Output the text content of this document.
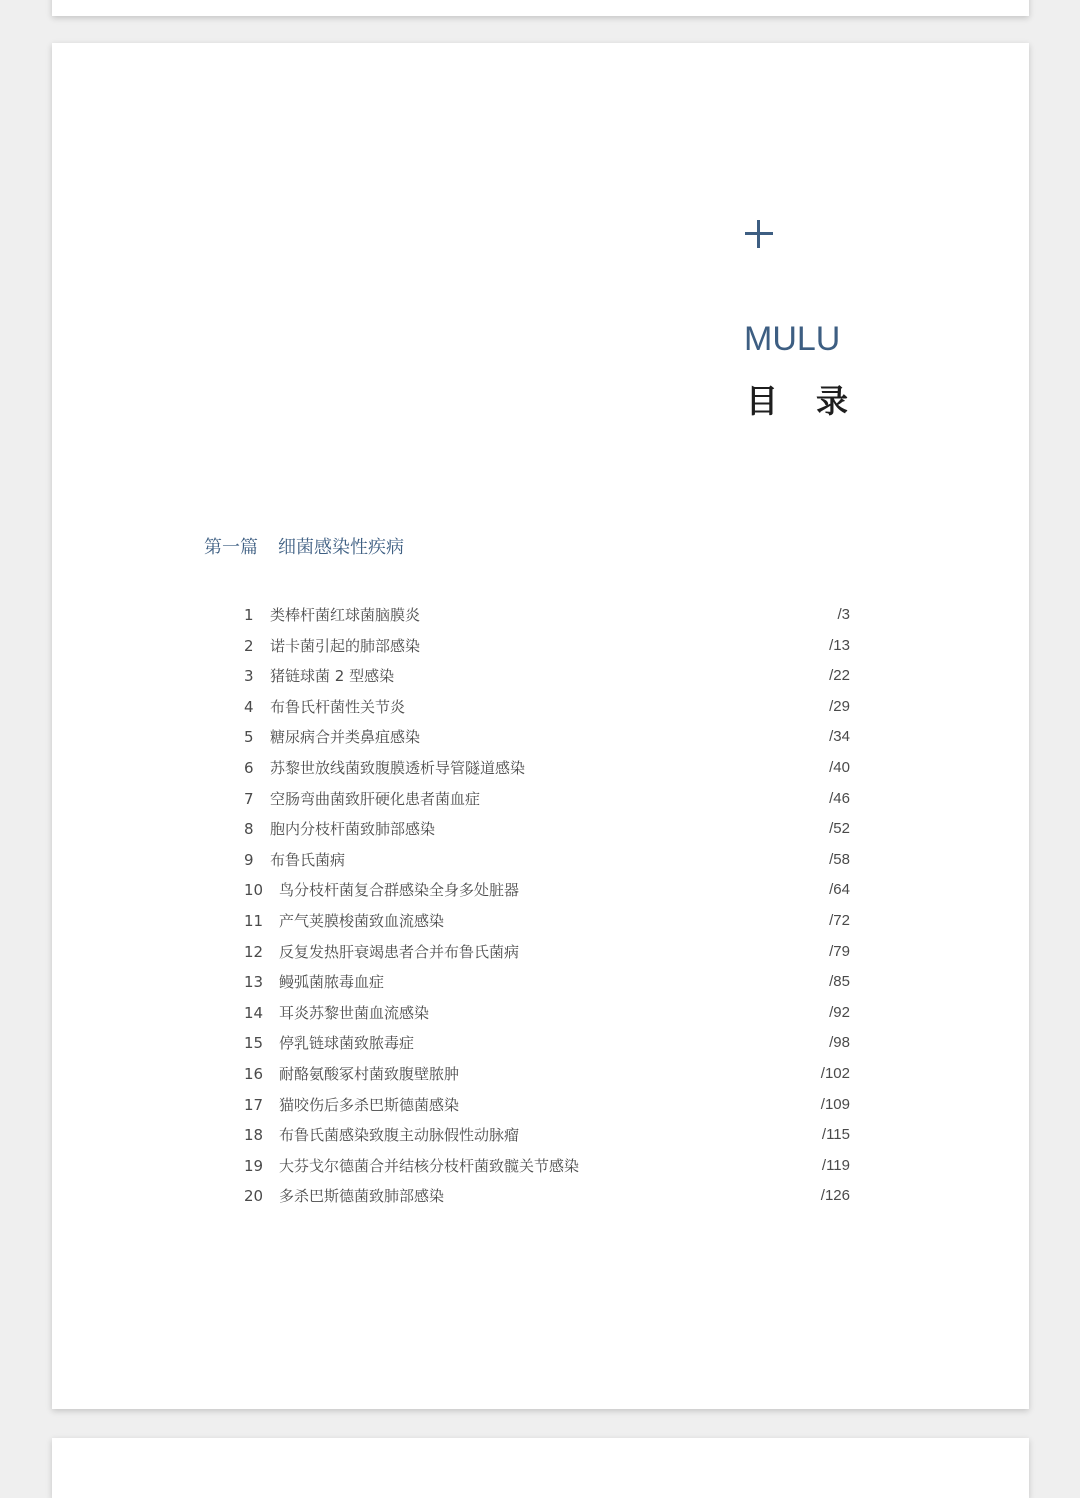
MULU
目录
第一篇 细菌感染性疾病
1 类棒杆菌红球菌脑膜炎	/3
2 诺卡菌引起的肺部感染	/13
3 猪链球菌 2 型感染	/22
4 布鲁氏杆菌性关节炎	/29
5 糖尿病合并类鼻疽感染	/34
6 苏黎世放线菌致腹膜透析导管隧道感染	/40
7 空肠弯曲菌致肝硬化患者菌血症	/46
8 胞内分枝杆菌致肺部感染	/52
9 布鲁氏菌病	/58
10 鸟分枝杆菌复合群感染全身多处脏器	/64
11 产气荚膜梭菌致血流感染	/72
12 反复发热肝衰竭患者合并布鲁氏菌病	/79
13 鳗弧菌脓毒血症	/85
14 耳炎苏黎世菌血流感染	/92
15 停乳链球菌致脓毒症	/98
16 耐酪氨酸冢村菌致腹壁脓肿	/102
17 猫咬伤后多杀巴斯德菌感染	/109
18 布鲁氏菌感染致腹主动脉假性动脉瘤	/115
19 大芬戈尔德菌合并结核分枝杆菌致髋关节感染	/119
20 多杀巴斯德菌致肺部感染	/126
